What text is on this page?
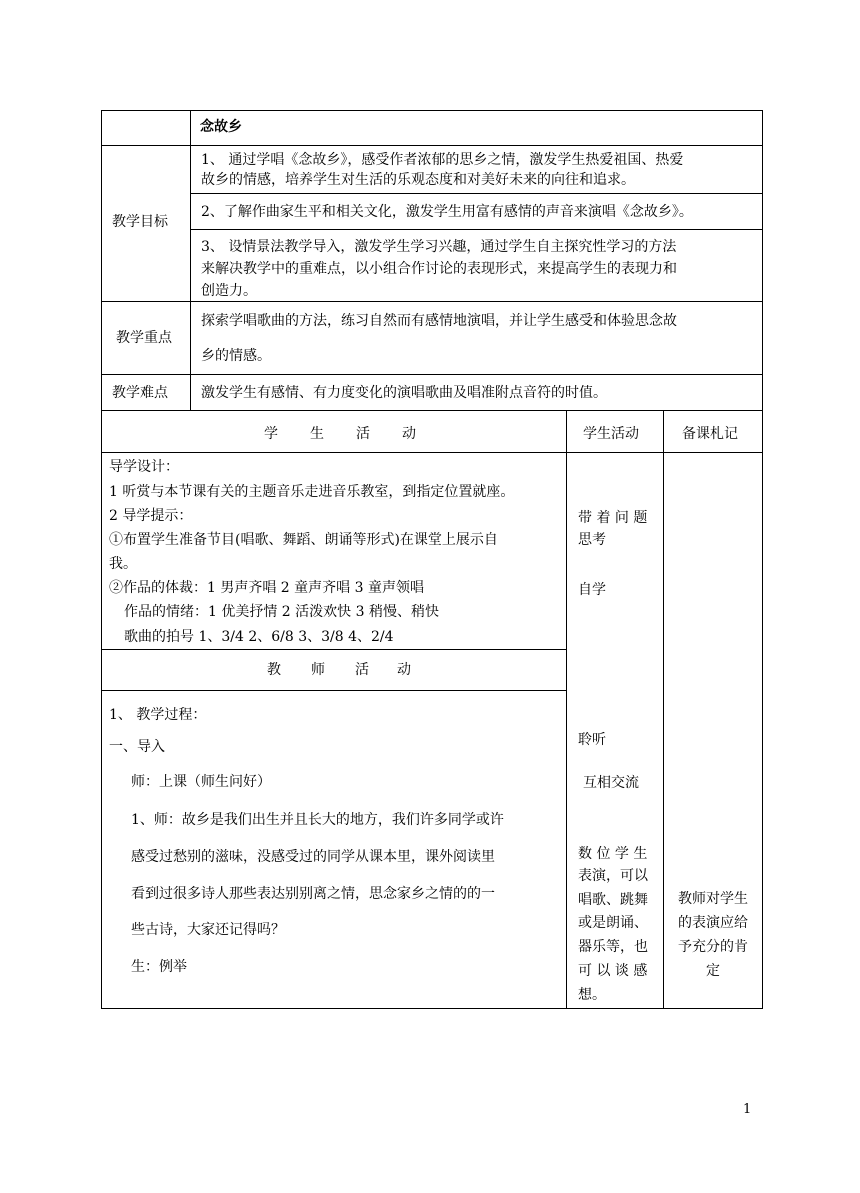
念故乡
教学目标
1、 通过学唱《念故乡》，感受作者浓郁的思乡之情，激发学生热爱祖国、热爱
故乡的情感，培养学生对生活的乐观态度和对美好未来的向往和追求。
2、了解作曲家生平和相关文化，激发学生用富有感情的声音来演唱《念故乡》。
3、 设情景法教学导入，激发学生学习兴趣，通过学生自主探究性学习的方法
来解决教学中的重难点，以小组合作讨论的表现形式，来提高学生的表现力和
创造力。
教学重点
探索学唱歌曲的方法，练习自然而有感情地演唱，并让学生感受和体验思念故
乡的情感。
教学难点 激发学生有感情、有力度变化的演唱歌曲及唱准附点音符的时值。
学 生 活 动	学生活动	备课札记
导学设计：
1 听赏与本节课有关的主题音乐走进音乐教室，到指定位置就座。
2 导学提示：
①布置学生准备节目(唱歌、舞蹈、朗诵等形式)在课堂上展示自
我。
②作品的体裁：1 男声齐唱 2 童声齐唱 3 童声领唱
作品的情绪：1 优美抒情 2 活泼欢快 3 稍慢、稍快
歌曲的拍号 1、3/4 2、6/8 3、3/8 4、2/4
教 师 活 动
1、 教学过程：
一、导入
师：上课（师生问好）
1、师：故乡是我们出生并且长大的地方，我们许多同学或许
感受过愁别的滋味，没感受过的同学从课本里，课外阅读里
看到过很多诗人那些表达别别离之情，思念家乡之情的的一
些古诗，大家还记得吗？
生：例举
带 着 问 题
思考
自学
聆听
互相交流
数 位 学 生
表演，可以
唱歌、跳舞
或是朗诵、
器乐等，也
可 以 谈 感
想。
教师对学生
的表演应给
予充分的肯
定
1
